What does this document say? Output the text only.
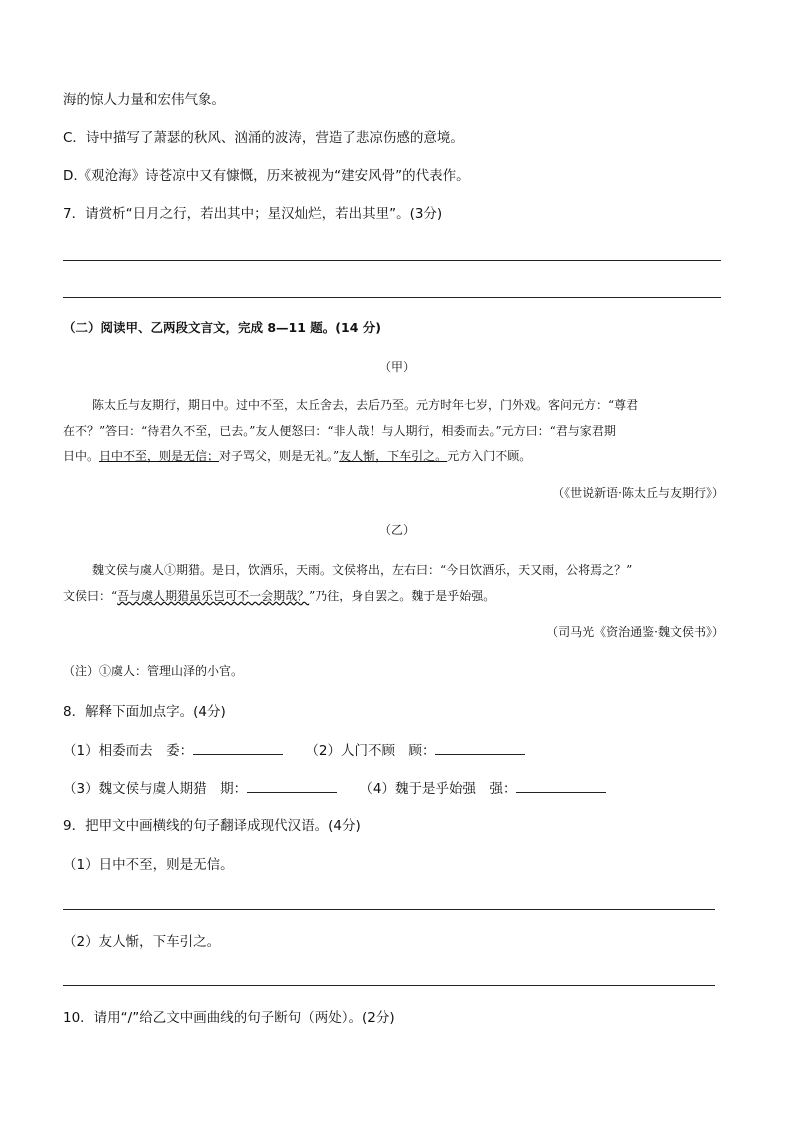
海的惊人力量和宏伟气象。
C．诗中描写了萧瑟的秋风、汹涌的波涛，营造了悲凉伤感的意境。
D.《观沧海》诗苍凉中又有慷慨，历来被视为“建安风骨”的代表作。
7．请赏析“日月之行，若出其中；星汉灿烂，若出其里”。(3分)
（二）阅读甲、乙两段文言文，完成 8—11 题。(14 分)
（甲）
陈太丘与友期行，期日中。过中不至，太丘舍去，去后乃至。元方时年七岁，门外戏。客问元方：“尊君
在不？”答曰：“待君久不至，已去。”友人便怒曰：“非人哉！与人期行，相委而去。”元方曰：“君与家君期
日中。日中不至，则是无信；对子骂父，则是无礼。”友人惭，下车引之。元方入门不顾。
（《世说新语·陈太丘与友期行》）
（乙）
魏文侯与虞人①期猎。是日，饮酒乐，天雨。文侯将出，左右曰：“今日饮酒乐，天又雨，公将焉之？”
文侯曰：“吾与虞人期猎虽乐岂可不一会期哉？”乃往，身自罢之。魏于是乎始强。
（司马光《资治通鉴·魏文侯书》）
（注）①虞人：管理山泽的小官。
8．解释下面加点字。(4分)
（1）相委而去　委：	（2）人门不顾　顾：
（3）魏文侯与虞人期猎　期：	（4）魏于是乎始强　强：
9．把甲文中画横线的句子翻译成现代汉语。(4分)
（1）日中不至，则是无信。
（2）友人惭，下车引之。
10．请用“/”给乙文中画曲线的句子断句（两处）。(2分)
